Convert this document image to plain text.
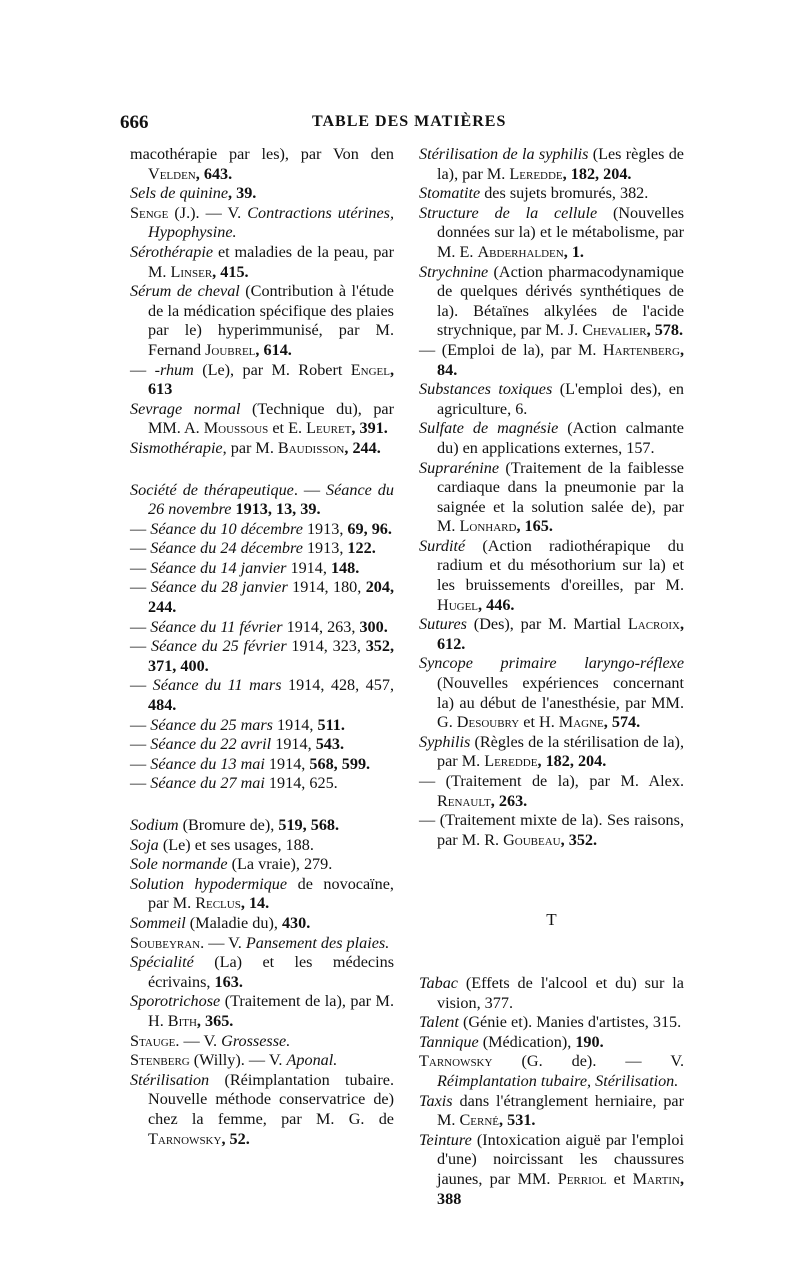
666	TABLE DES MATIÈRES
macothérapie par les), par Von den Velden, 643.
Sels de quinine, 39.
Senge (J.). — V. Contractions utérines, Hypophysine.
Sérothérapie et maladies de la peau, par M. Linser, 415.
Sérum de cheval (Contribution à l'étude de la médication spécifique des plaies par le) hyperimmunisé, par M. Fernand Joubrel, 614.
— -rhum (Le), par M. Robert Engel, 613
Sevrage normal (Technique du), par MM. A. Moussous et E. Leuret, 391.
Sismothérapie, par M. Baudisson, 244.
Société de thérapeutique. — Séance du 26 novembre 1913, 13, 39.
— Séance du 10 décembre 1913, 69, 96.
— Séance du 24 décembre 1913, 122.
— Séance du 14 janvier 1914, 148.
— Séance du 28 janvier 1914, 180, 204, 244.
— Séance du 11 février 1914, 263, 300.
— Séance du 25 février 1914, 323, 352, 371, 400.
— Séance du 11 mars 1914, 428, 457, 484.
— Séance du 25 mars 1914, 511.
— Séance du 22 avril 1914, 543.
— Séance du 13 mai 1914, 568, 599.
— Séance du 27 mai 1914, 625.
Sodium (Bromure de), 519, 568.
Soja (Le) et ses usages, 188.
Sole normande (La vraie), 279.
Solution hypodermique de novocaïne, par M. Reclus, 14.
Sommeil (Maladie du), 430.
Soubeyran. — V. Pansement des plaies.
Spécialité (La) et les médecins écrivains, 163.
Sporotrichose (Traitement de la), par M. H. Bith, 365.
Stauge. — V. Grossesse.
Stenberg (Willy). — V. Aponal.
Stérilisation (Réimplantation tubaire. Nouvelle méthode conservatrice de) chez la femme, par M. G. de Tarnowsky, 52.
Stérilisation de la syphilis (Les règles de la), par M. Leredde, 182, 204.
Stomatite des sujets bromurés, 382.
Structure de la cellule (Nouvelles données sur la) et le métabolisme, par M. E. Abderhalden, 1.
Strychnine (Action pharmacodynamique de quelques dérivés synthétiques de la). Bétaïnes alkylées de l'acide strychnique, par M. J. Chevalier, 578.
— (Emploi de la), par M. Hartenberg, 84.
Substances toxiques (L'emploi des), en agriculture, 6.
Sulfate de magnésie (Action calmante du) en applications externes, 157.
Suprarénine (Traitement de la faiblesse cardiaque dans la pneumonie par la saignée et la solution salée de), par M. Lonhard, 165.
Surdité (Action radiothérapique du radium et du mésothorium sur la) et les bruissements d'oreilles, par M. Hugel, 446.
Sutures (Des), par M. Martial Lacroix, 612.
Syncope primaire laryngo-réflexe (Nouvelles expériences concernant la) au début de l'anesthésie, par MM. G. Desoubry et H. Magne, 574.
Syphilis (Règles de la stérilisation de la), par M. Leredde, 182, 204.
— (Traitement de la), par M. Alex. Renault, 263.
— (Traitement mixte de la). Ses raisons, par M. R. Goubeau, 352.
T
Tabac (Effets de l'alcool et du) sur la vision, 377.
Talent (Génie et). Manies d'artistes, 315.
Tannique (Médication), 190.
Tarnowsky (G. de). — V. Réimplantation tubaire, Stérilisation.
Taxis dans l'étranglement herniaire, par M. Cerné, 531.
Teinture (Intoxication aiguë par l'emploi d'une) noircissant les chaussures jaunes, par MM. Perriol et Martin, 388
